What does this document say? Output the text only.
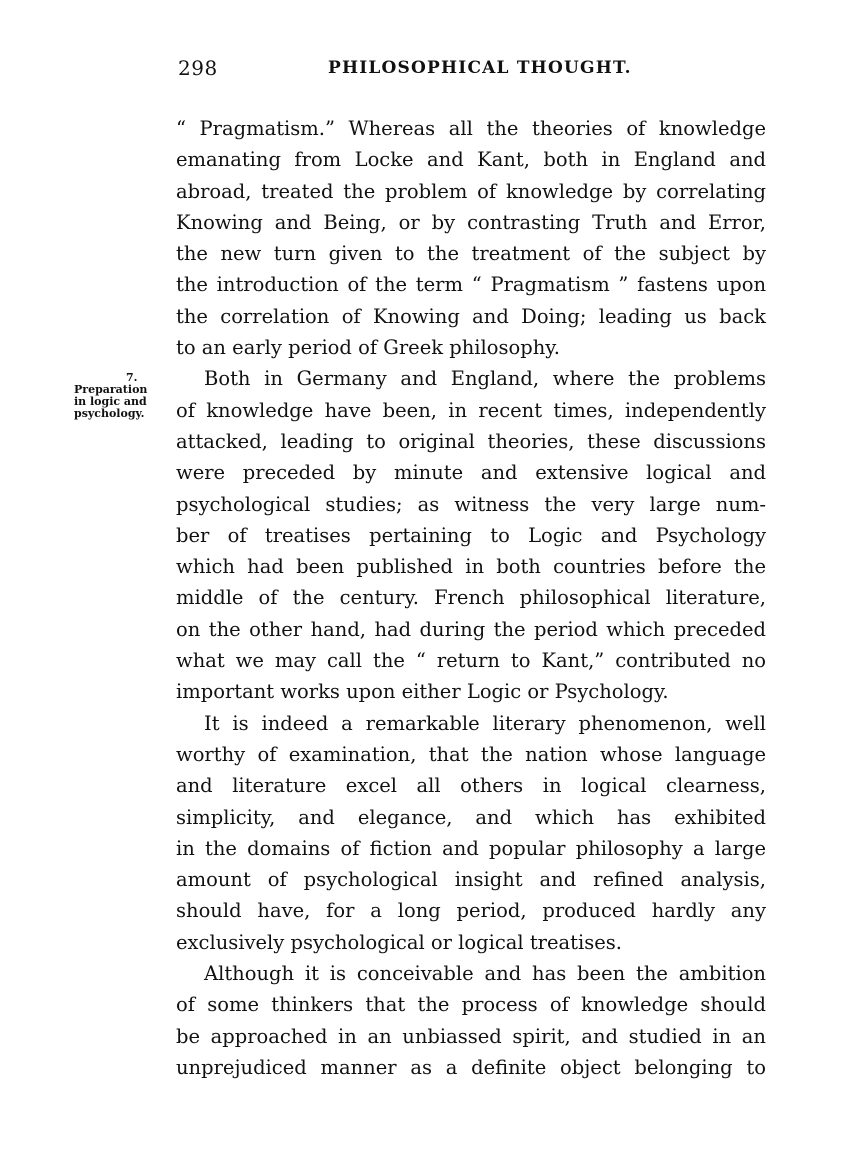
298	PHILOSOPHICAL THOUGHT.
7.
Preparation
in logic and
psychology.
“ Pragmatism.” Whereas all the theories of knowledge
emanating from Locke and Kant, both in England and
abroad, treated the problem of knowledge by correlating
Knowing and Being, or by contrasting Truth and Error,
the new turn given to the treatment of the subject by
the introduction of the term “ Pragmatism ” fastens upon
the correlation of Knowing and Doing; leading us back
to an early period of Greek philosophy.
Both in Germany and England, where the problems
of knowledge have been, in recent times, independently
attacked, leading to original theories, these discussions
were preceded by minute and extensive logical and
psychological studies; as witness the very large num-
ber of treatises pertaining to Logic and Psychology
which had been published in both countries before the
middle of the century. French philosophical literature,
on the other hand, had during the period which preceded
what we may call the “ return to Kant,” contributed no
important works upon either Logic or Psychology.
It is indeed a remarkable literary phenomenon, well
worthy of examination, that the nation whose language
and literature excel all others in logical clearness,
simplicity, and elegance, and which has exhibited
in the domains of fiction and popular philosophy a large
amount of psychological insight and refined analysis,
should have, for a long period, produced hardly any
exclusively psychological or logical treatises.
Although it is conceivable and has been the ambition
of some thinkers that the process of knowledge should
be approached in an unbiassed spirit, and studied in an
unprejudiced manner as a definite object belonging to
